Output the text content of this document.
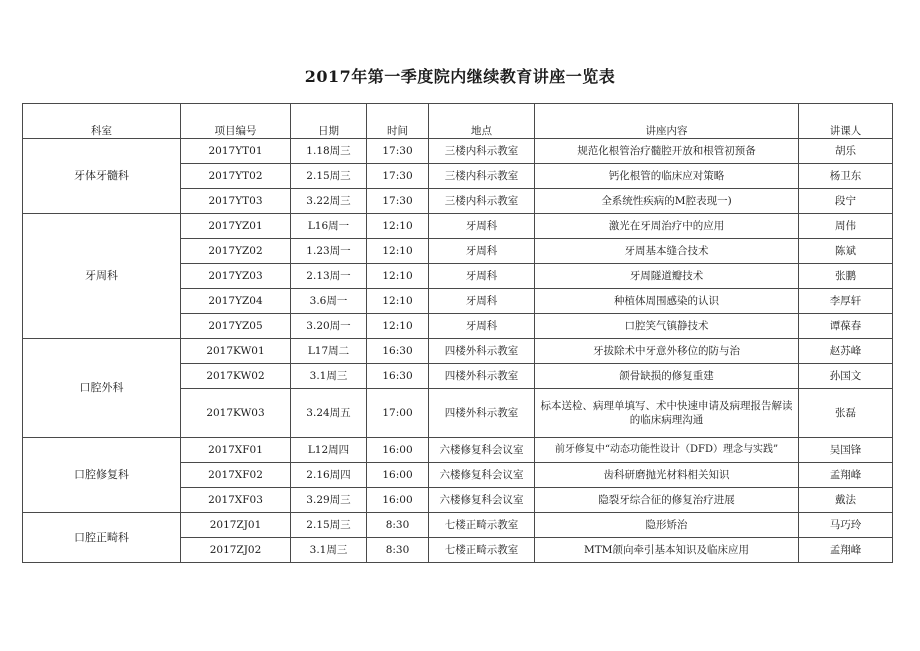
2017年第一季度院内继续教育讲座一览表
科室	项目编号	日期	时间	地点	讲座内容	讲课人
牙体牙髓科	2017YT01	1.18周三	17:30	三楼内科示教室	规范化根管治疗髓腔开放和根管初预备	胡乐
	2017YT02	2.15周三	17:30	三楼内科示教室	钙化根管的临床应对策略	杨卫东
	2017YT03	3.22周三	17:30	三楼内科示教室	全系统性疾病的M腔表现一)	段宁
牙周科	2017YZ01	L16周一	12:10	牙周科	激光在牙周治疗中的应用	周伟
	2017YZ02	1.23周一	12:10	牙周科	牙周基本缝合技术	陈斌
	2017YZ03	2.13周一	12:10	牙周科	牙周隧道瓣技术	张鹏
	2017YZ04	3.6周一	12:10	牙周科	种植体周围感染的认识	李厚轩
	2017YZ05	3.20周一	12:10	牙周科	口腔笑气镇静技术	谭葆春
口腔外科	2017KW01	L17周二	16:30	四楼外科示教室	牙拔除术中牙意外移位的防与治	赵苏峰
	2017KW02	3.1周三	16:30	四楼外科示教室	颌骨缺损的修复重建	孙国文
	2017KW03	3.24周五	17:00	四楼外科示教室	标本送检、病理单填写、术中快速申请及病理报告解读的临床病理沟通	张磊
口腔修复科	2017XF01	L12周四	16:00	六楼修复科会议室	前牙修复中“动态功能性设计（DFD）理念与实践”	吴国锋
	2017XF02	2.16周四	16:00	六楼修复科会议室	齿科研磨抛光材料相关知识	孟翔峰
	2017XF03	3.29周三	16:00	六楼修复科会议室	隐裂牙综合征的修复治疗进展	戴法
口腔正畸科	2017ZJ01	2.15周三	8:30	七楼正畸示教室	隐形矫治	马巧玲
	2017ZJ02	3.1周三	8:30	七楼正畸示教室	MTM颌向牵引基本知识及临床应用	孟翔峰
